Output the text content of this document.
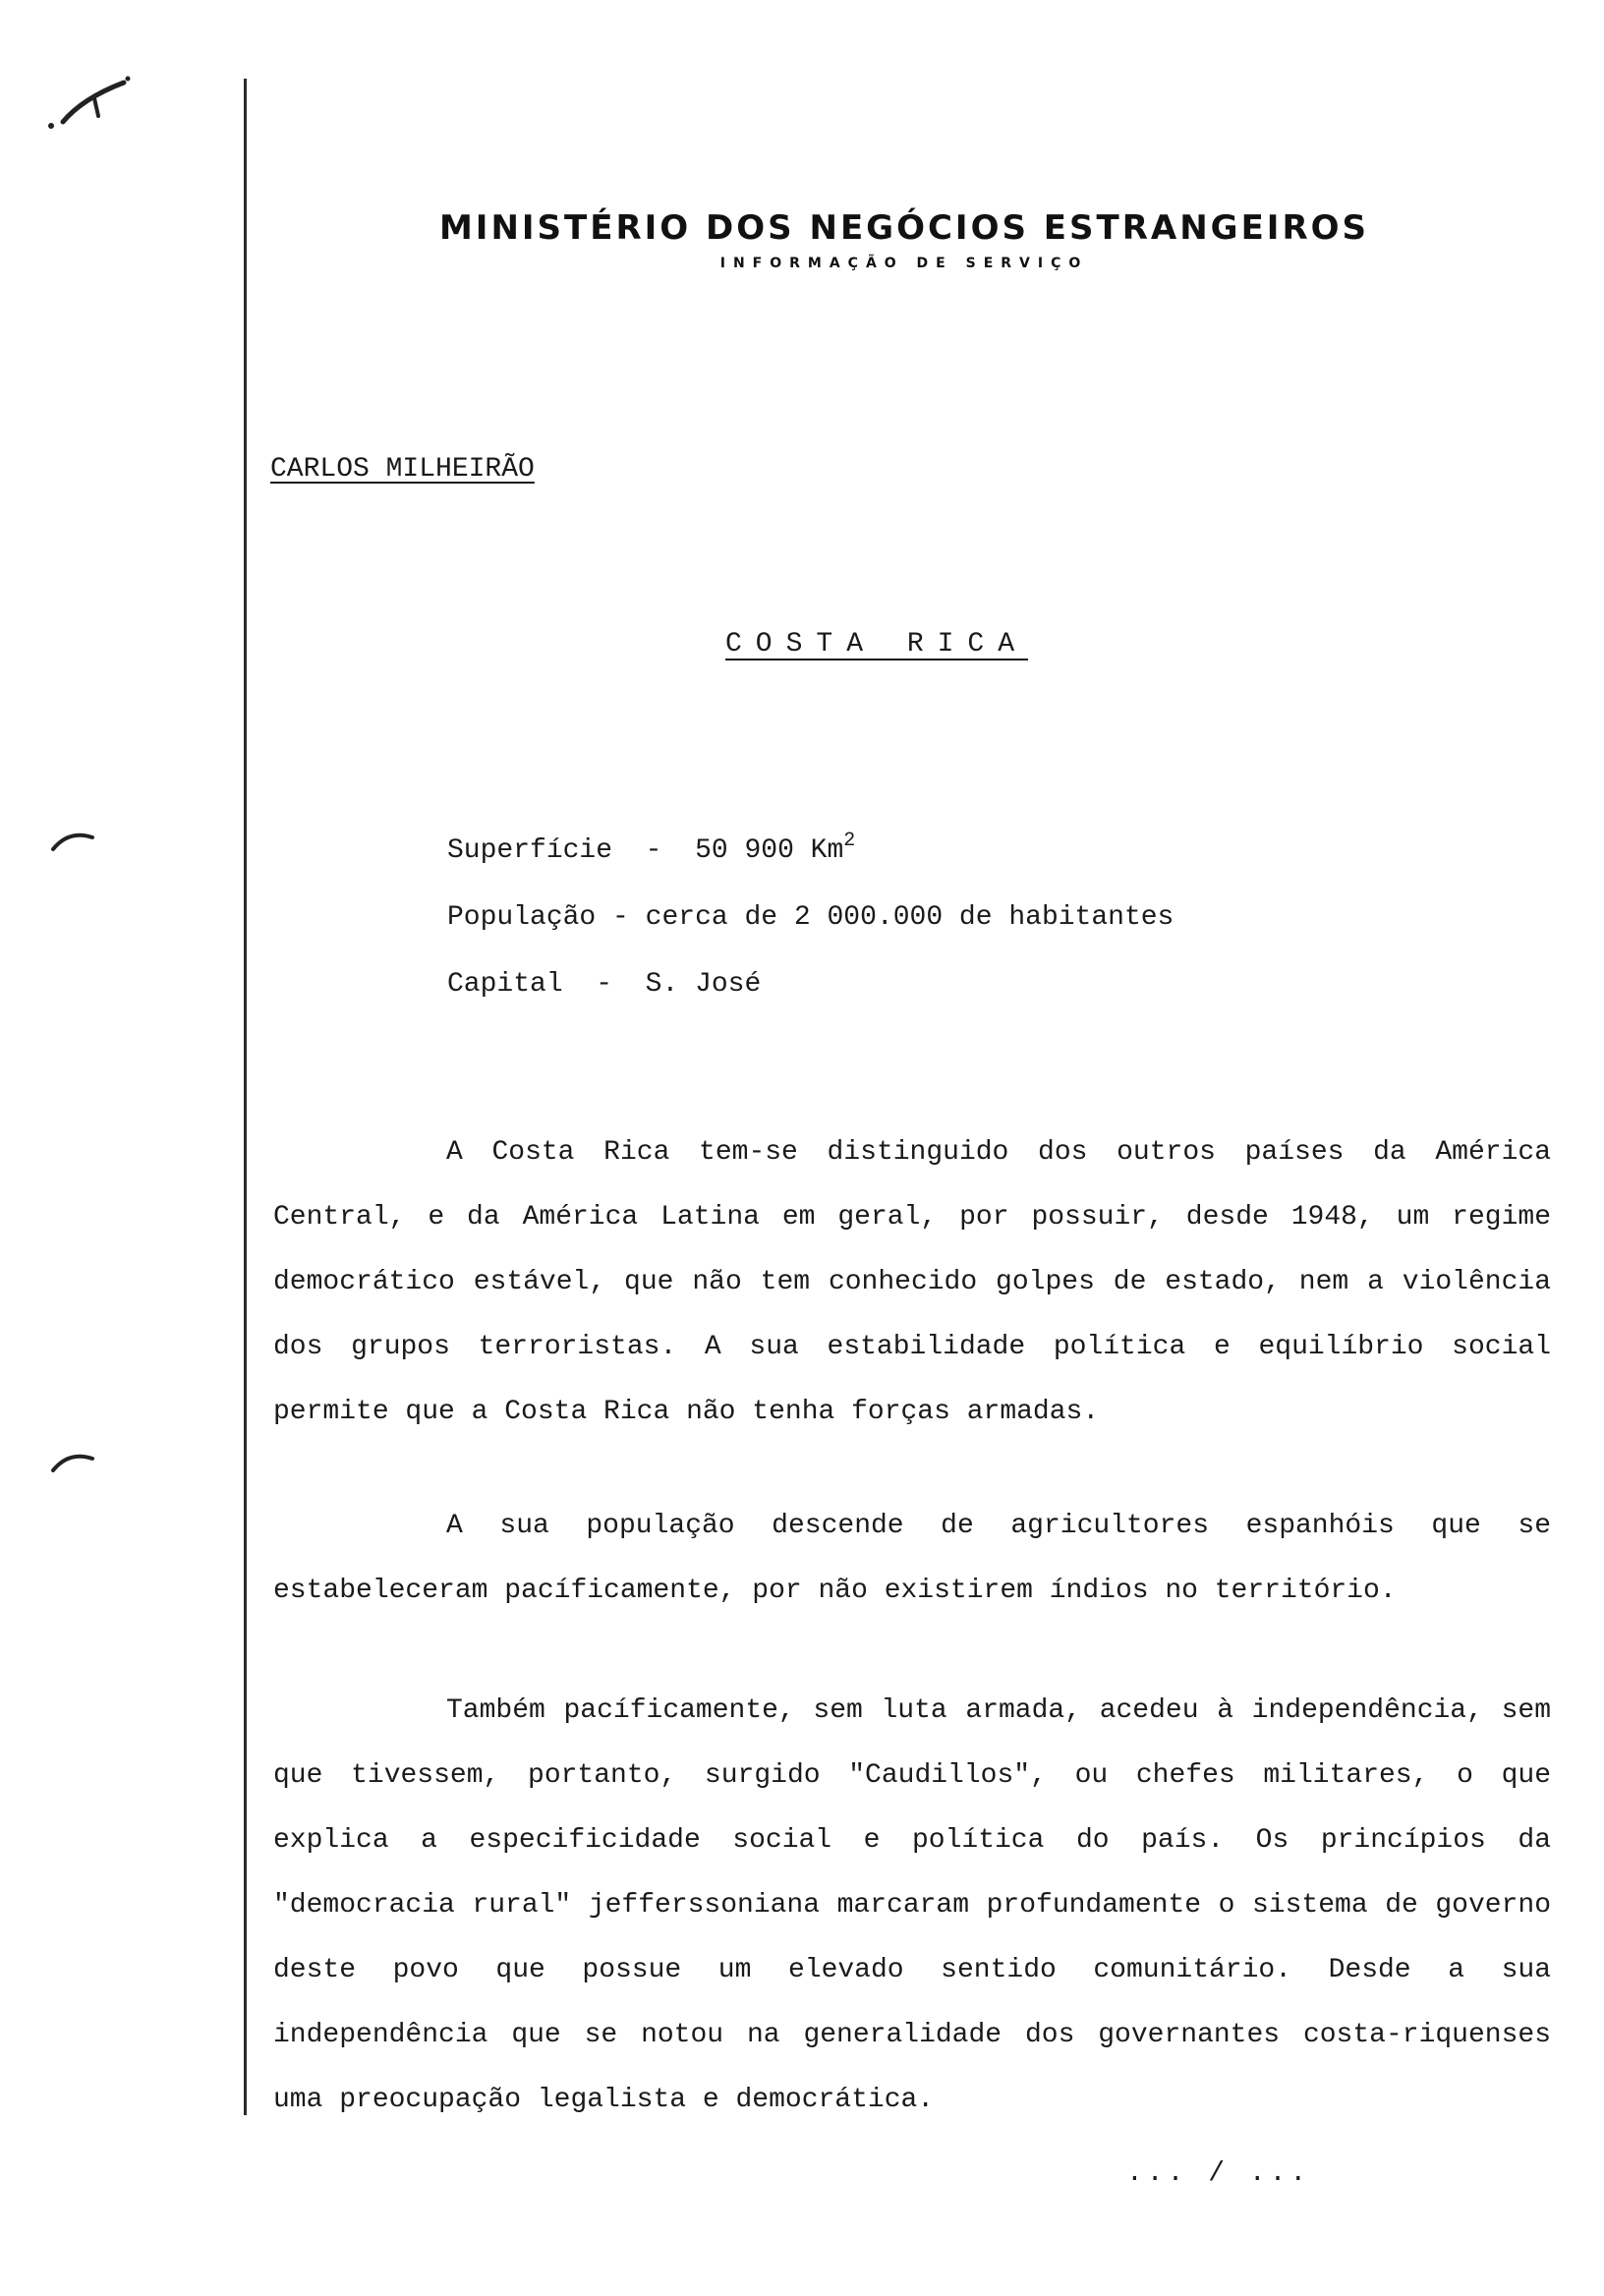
MINISTÉRIO DOS NEGÓCIOS ESTRANGEIROS
INFORMAÇÃO DE SERVIÇO
CARLOS MILHEIRÃO
COSTA RICA
Superfície - 50 900 Km$^2$
População - cerca de 2 000.000 de habitantes
Capital - S. José
A Costa Rica tem-se distinguido dos outros países da América Central, e da América Latina em geral, por possuir, desde 1948, um regime democrático estável, que não tem conhecido golpes de estado, nem a violência dos grupos terroristas. A sua estabilidade política e equilíbrio social permite que a Costa Rica não tenha forças armadas.
A sua população descende de agricultores espanhóis que se estabeleceram pacíficamente, por não existirem índios no território.
Também pacíficamente, sem luta armada, acedeu à independência, sem que tivessem, portanto, surgido "Caudillos", ou chefes militares, o que explica a especificidade social e política do país. Os princípios da "democracia rural" jefferssoniana marcaram profundamente o sistema de governo deste povo que possue um elevado sentido comunitário. Desde a sua independência que se notou na generalidade dos governantes costa-riquenses uma preocupação legalista e democrática.
... / ...
